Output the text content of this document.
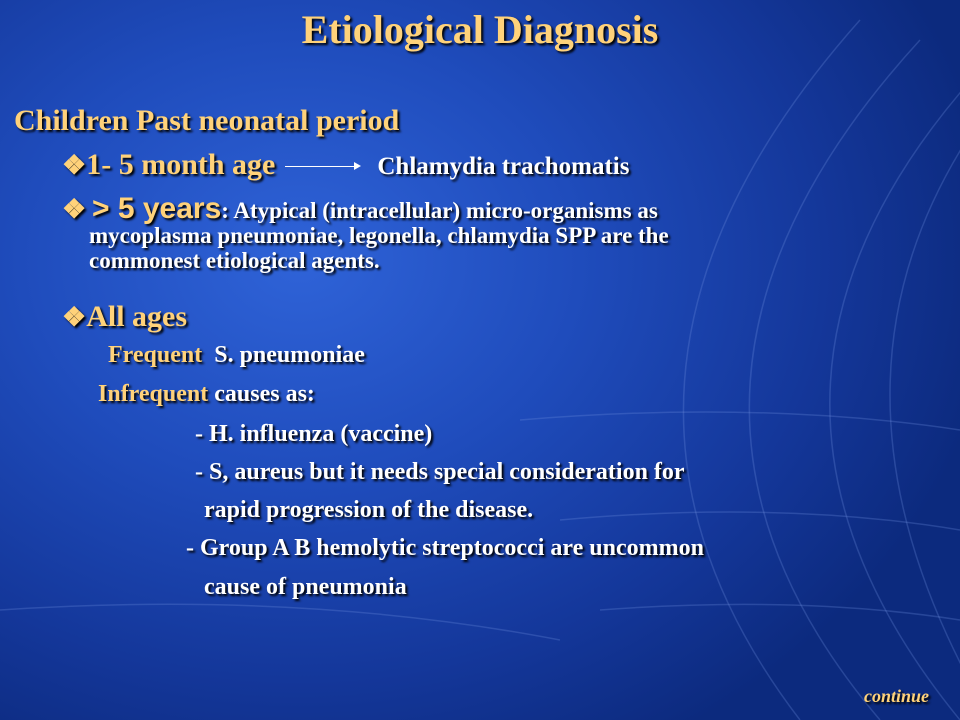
Etiological Diagnosis
Children Past neonatal period
❖1- 5 month age	Chlamydia trachomatis
❖ > 5 years: Atypical (intracellular) micro-organisms as
mycoplasma pneumoniae, legonella, chlamydia SPP are the
commonest etiological agents.
❖All ages
Frequent S. pneumoniae
Infrequent causes as:
- H. influenza (vaccine)
- S, aureus but it needs special consideration for
rapid progression of the disease.
- Group A B hemolytic streptococci are uncommon
cause of pneumonia
continue
